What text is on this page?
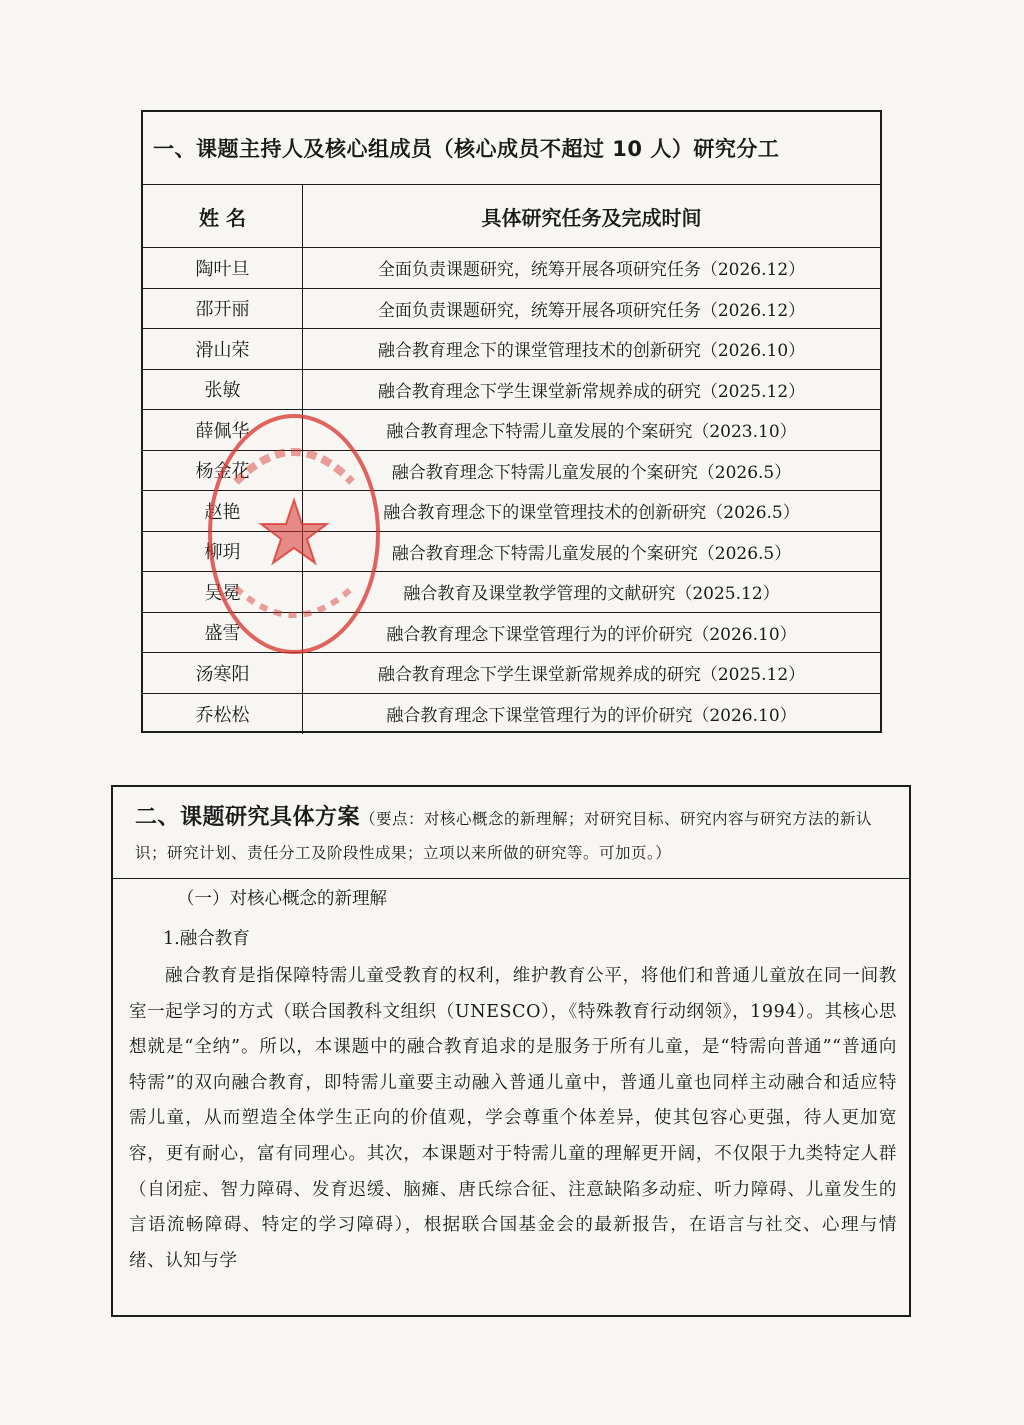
一、课题主持人及核心组成员（核心成员不超过 10 人）研究分工
姓 名	具体研究任务及完成时间
陶叶旦	全面负责课题研究，统筹开展各项研究任务（2026.12）
邵开丽	全面负责课题研究，统筹开展各项研究任务（2026.12）
滑山荣	融合教育理念下的课堂管理技术的创新研究（2026.10）
张敏	融合教育理念下学生课堂新常规养成的研究（2025.12）
薛佩华	融合教育理念下特需儿童发展的个案研究（2023.10）
杨金花	融合教育理念下特需儿童发展的个案研究（2026.5）
赵艳	融合教育理念下的课堂管理技术的创新研究（2026.5）
柳玥	融合教育理念下特需儿童发展的个案研究（2026.5）
吴冕	融合教育及课堂教学管理的文献研究（2025.12）
盛雪	融合教育理念下课堂管理行为的评价研究（2026.10）
汤寒阳	融合教育理念下学生课堂新常规养成的研究（2025.12）
乔松松	融合教育理念下课堂管理行为的评价研究（2026.10）
二、课题研究具体方案（要点：对核心概念的新理解；对研究目标、研究内容与研究方法的新认识；研究计划、责任分工及阶段性成果；立项以来所做的研究等。可加页。）

（一）对核心概念的新理解

1.融合教育

融合教育是指保障特需儿童受教育的权利，维护教育公平，将他们和普通儿童放在同一间教室一起学习的方式（联合国教科文组织（UNESCO），《特殊教育行动纲领》，1994）。其核心思想就是“全纳”。所以，本课题中的融合教育追求的是服务于所有儿童，是“特需向普通”“普通向特需”的双向融合教育，即特需儿童要主动融入普通儿童中，普通儿童也同样主动融合和适应特需儿童，从而塑造全体学生正向的价值观，学会尊重个体差异，使其包容心更强，待人更加宽容，更有耐心，富有同理心。其次，本课题对于特需儿童的理解更开阔，不仅限于九类特定人群（自闭症、智力障碍、发育迟缓、脑瘫、唐氏综合征、注意缺陷多动症、听力障碍、儿童发生的言语流畅障碍、特定的学习障碍），根据联合国基金会的最新报告，在语言与社交、心理与情绪、认知与学
